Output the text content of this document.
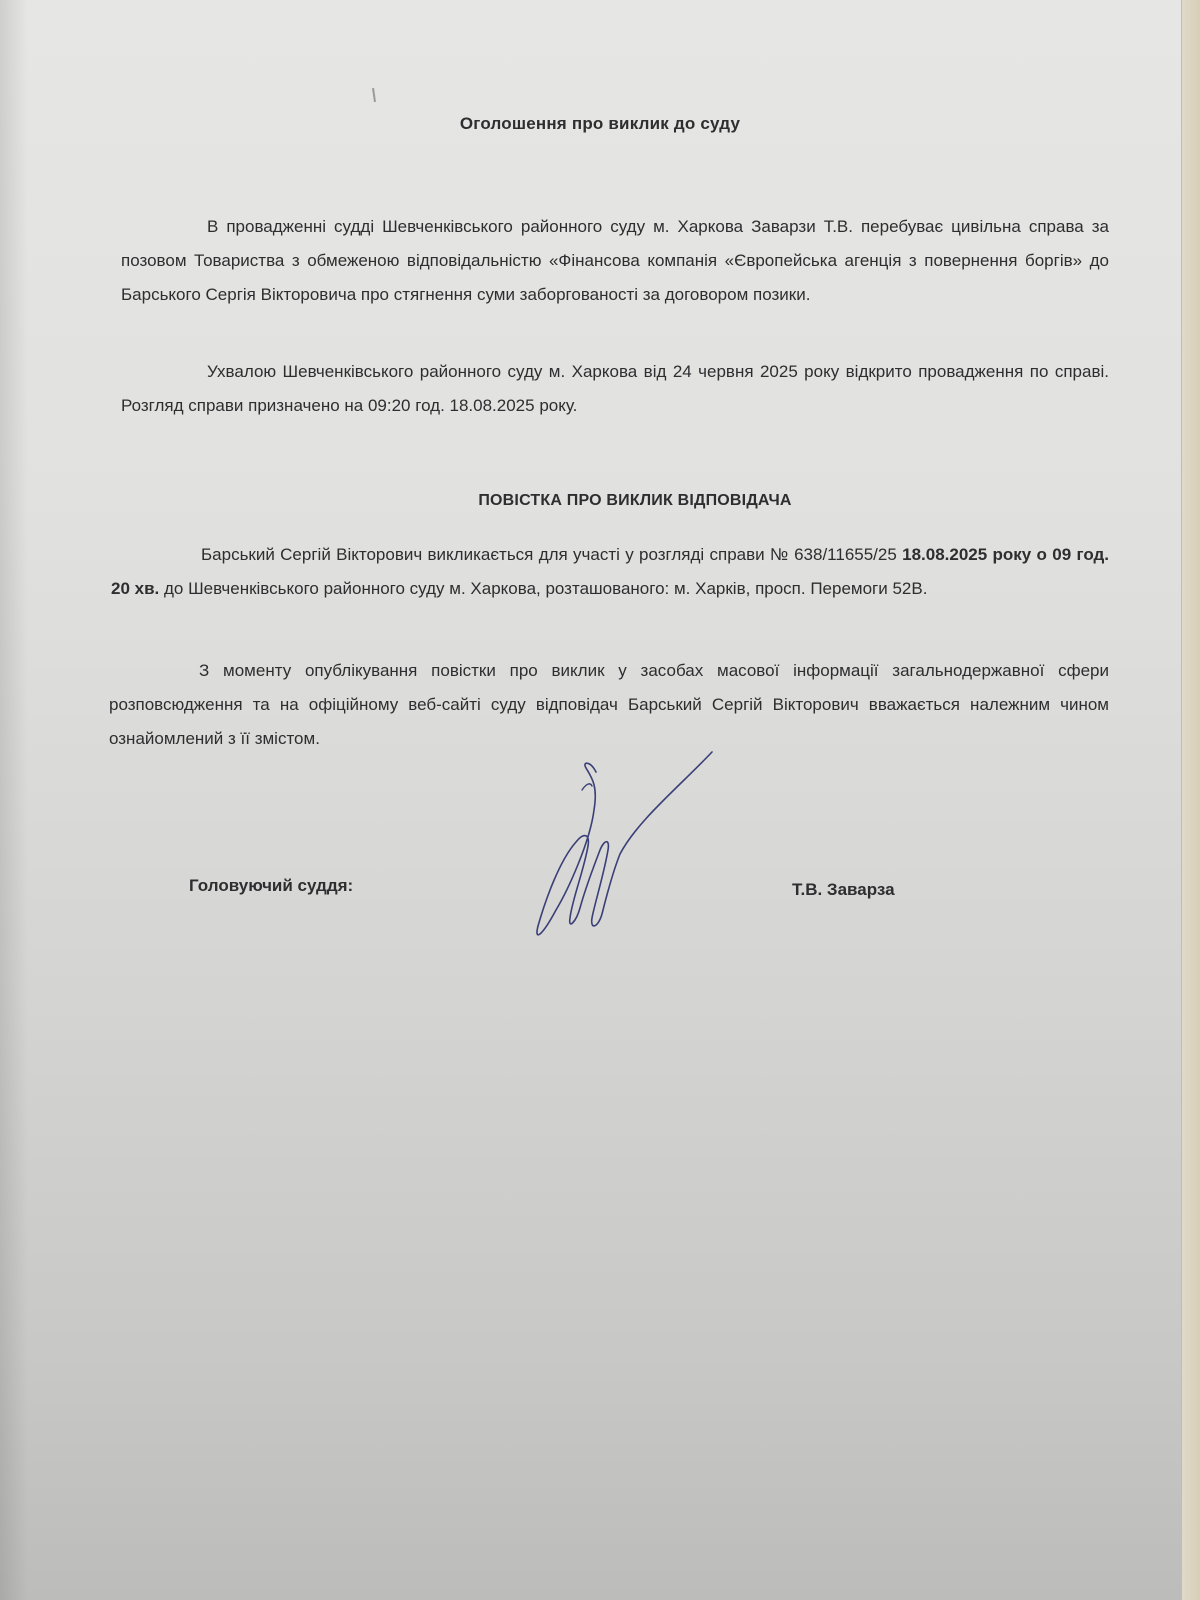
Оголошення про виклик до суду

В провадженні судді Шевченківського районного суду м. Харкова Заварзи Т.В. перебуває цивільна справа за позовом Товариства з обмеженою відповідальністю «Фінансова компанія «Європейська агенція з повернення боргів» до Барського Сергія Вікторовича про стягнення суми заборгованості за договором позики.

Ухвалою Шевченківського районного суду м. Харкова від 24 червня 2025 року відкрито провадження по справі. Розгляд справи призначено на 09:20 год. 18.08.2025 року.

ПОВІСТКА ПРО ВИКЛИК ВІДПОВІДАЧА

Барський Сергій Вікторович викликається для участі у розгляді справи № 638/11655/25 18.08.2025 року о 09 год. 20 хв. до Шевченківського районного суду м. Харкова, розташованого: м. Харків, просп. Перемоги 52В.

З моменту опублікування повістки про виклик у засобах масової інформації загальнодержавної сфери розповсюдження та на офіційному веб-сайті суду відповідач Барський Сергій Вікторович вважається належним чином ознайомлений з її змістом.

Головуючий суддя:	Т.В. Заварза
